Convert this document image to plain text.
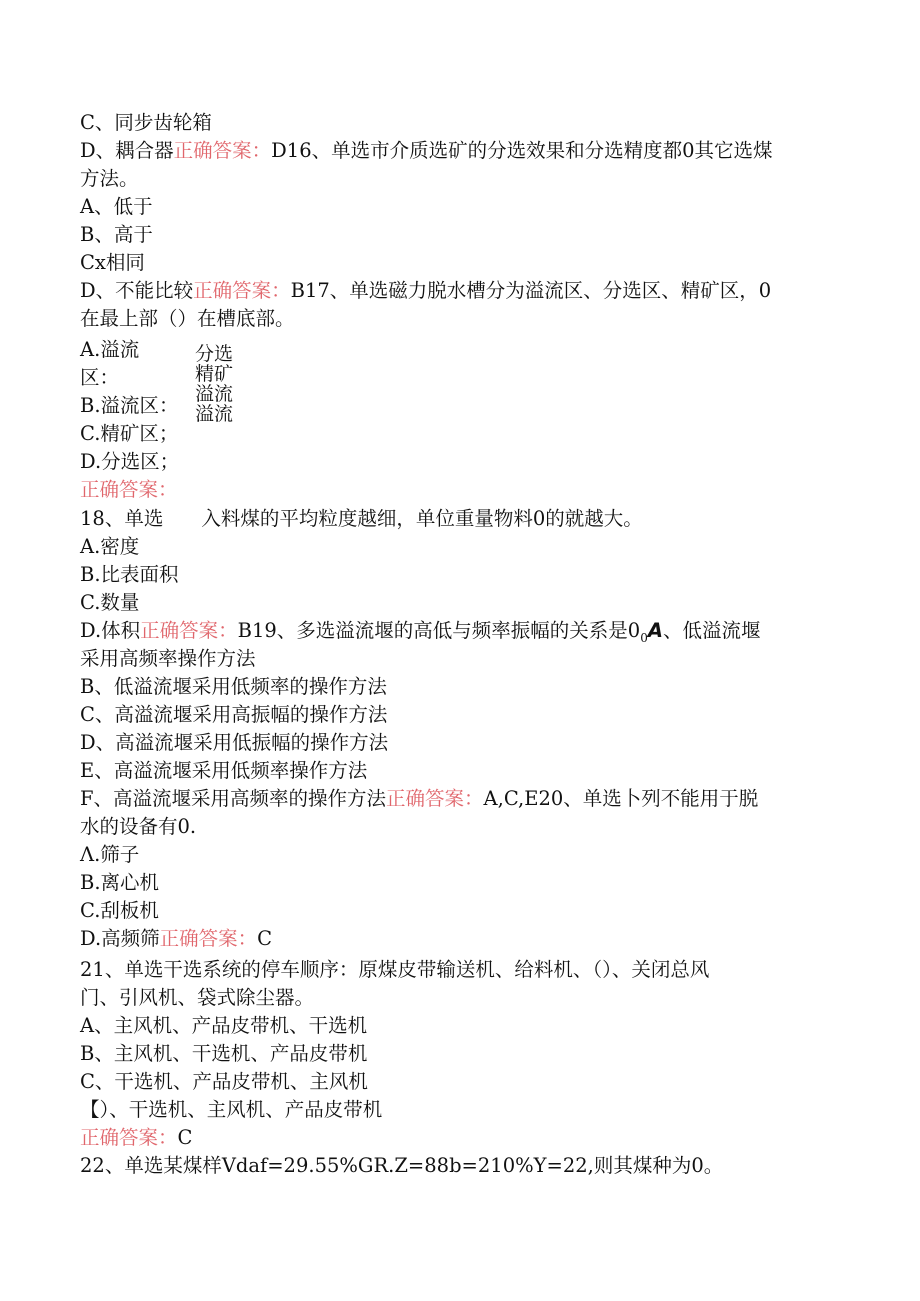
C、同步齿轮箱
D、耦合器正确答案：D16、单选市介质选矿的分选效果和分选精度都0其它选煤
方法。
A、低于
B、高于
Cx相同
D、不能比较正确答案：B17、单选磁力脱水槽分为溢流区、分选区、精矿区，0
在最上部（）在槽底部。
A.溢流
区：
B.溢流区：
C.精矿区；
D.分选区；
分选
精矿
溢流
溢流
正确答案：
18、单选 入料煤的平均粒度越细，单位重量物料0的就越大。
A.密度
B.比表面积
C.数量
D.体积正确答案：B19、多选溢流堰的高低与频率振幅的关系是$0_0A$、低溢流堰
采用高频率操作方法
B、低溢流堰采用低频率的操作方法
C、高溢流堰采用高振幅的操作方法
D、高溢流堰采用低振幅的操作方法
E、高溢流堰采用低频率操作方法
F、高溢流堰采用高频率的操作方法正确答案：A,C,E20、单选卜列不能用于脱
水的设备有0.
Λ.筛子
B.离心机
C.刮板机
D.高频筛正确答案：C
21、单选干选系统的停车顺序：原煤皮带输送机、给料机、（）、关闭总风
门、引风机、袋式除尘器。
A、主风机、产品皮带机、干选机
B、主风机、干选机、产品皮带机
C、干选机、产品皮带机、主风机
【）、干选机、主风机、产品皮带机
正确答案：C
22、单选某煤样Vdaf=29.55%GR.Z=88b=210%Y=22,则其煤种为0。
